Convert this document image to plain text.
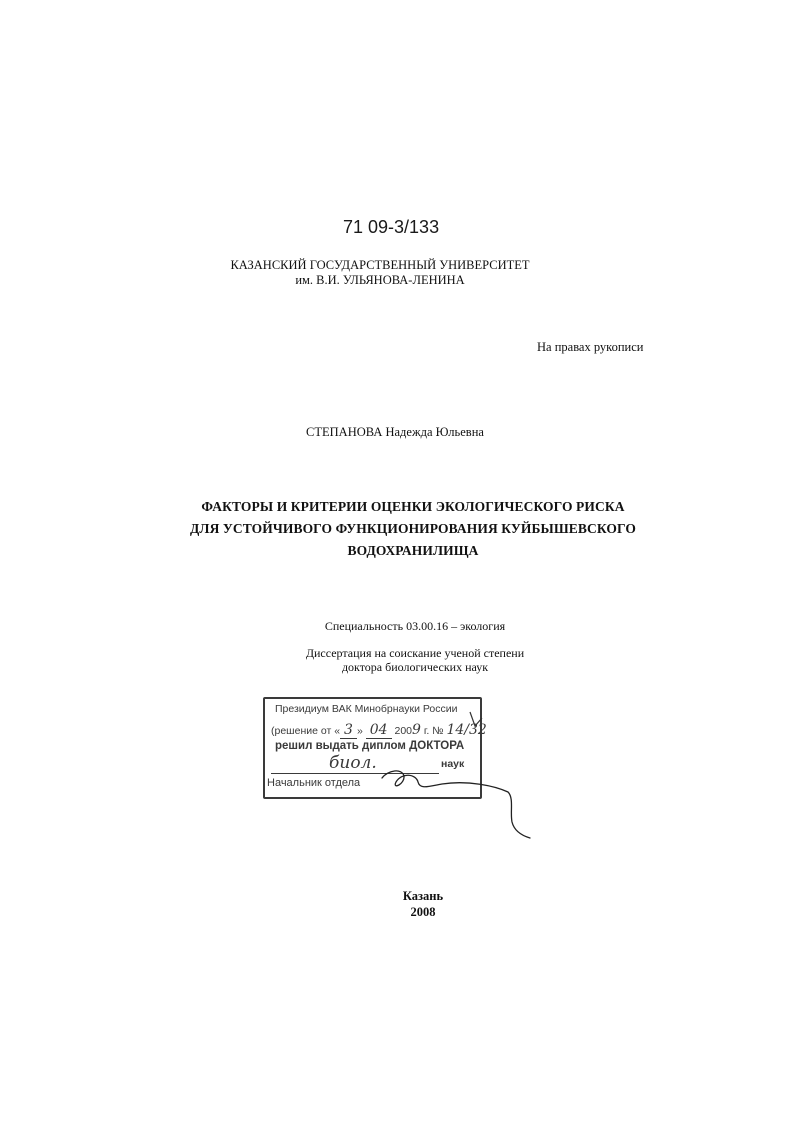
71 09-3/133
КАЗАНСКИЙ ГОСУДАРСТВЕННЫЙ УНИВЕРСИТЕТ
им. В.И. УЛЬЯНОВА-ЛЕНИНА
На правах рукописи
СТЕПАНОВА Надежда Юльевна
ФАКТОРЫ И КРИТЕРИИ ОЦЕНКИ ЭКОЛОГИЧЕСКОГО РИСКА
ДЛЯ УСТОЙЧИВОГО ФУНКЦИОНИРОВАНИЯ КУЙБЫШЕВСКОГО
ВОДОХРАНИЛИЩА
Специальность 03.00.16 – экология
Диссертация на соискание ученой степени
доктора биологических наук
Президиум ВАК Минобрнауки России
(решение от « 3 » 04 2009 г. № 14/32
решил выдать диплом ДОКТОРА
биол.	наук
Начальник отдела
Казань
2008
